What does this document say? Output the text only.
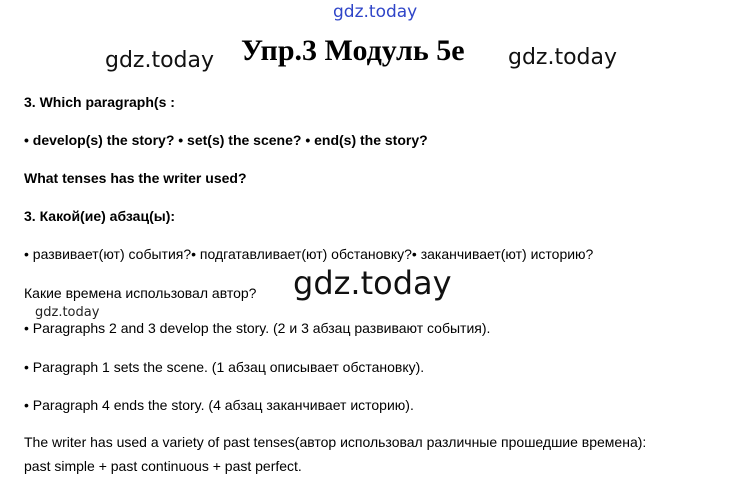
gdz.today
gdz.today Упр.3 Модуль 5е gdz.today
3. Which paragraph(s :
• develop(s) the story? • set(s) the scene? • end(s) the story?
What tenses has the writer used?
3. Какой(ие) абзац(ы):
• развивает(ют) события?• подгатавливает(ют) обстановку?• заканчивает(ют) историю?
Какие времена использовал автор? gdz.today
gdz.today
• Paragraphs 2 and 3 develop the story. (2 и 3 абзац развивают события).
• Paragraph 1 sets the scene. (1 абзац описывает обстановку).
• Paragraph 4 ends the story. (4 абзац заканчивает историю).
The writer has used a variety of past tenses(автор использовал различные прошедшие времена):
past simple + past continuous + past perfect.
